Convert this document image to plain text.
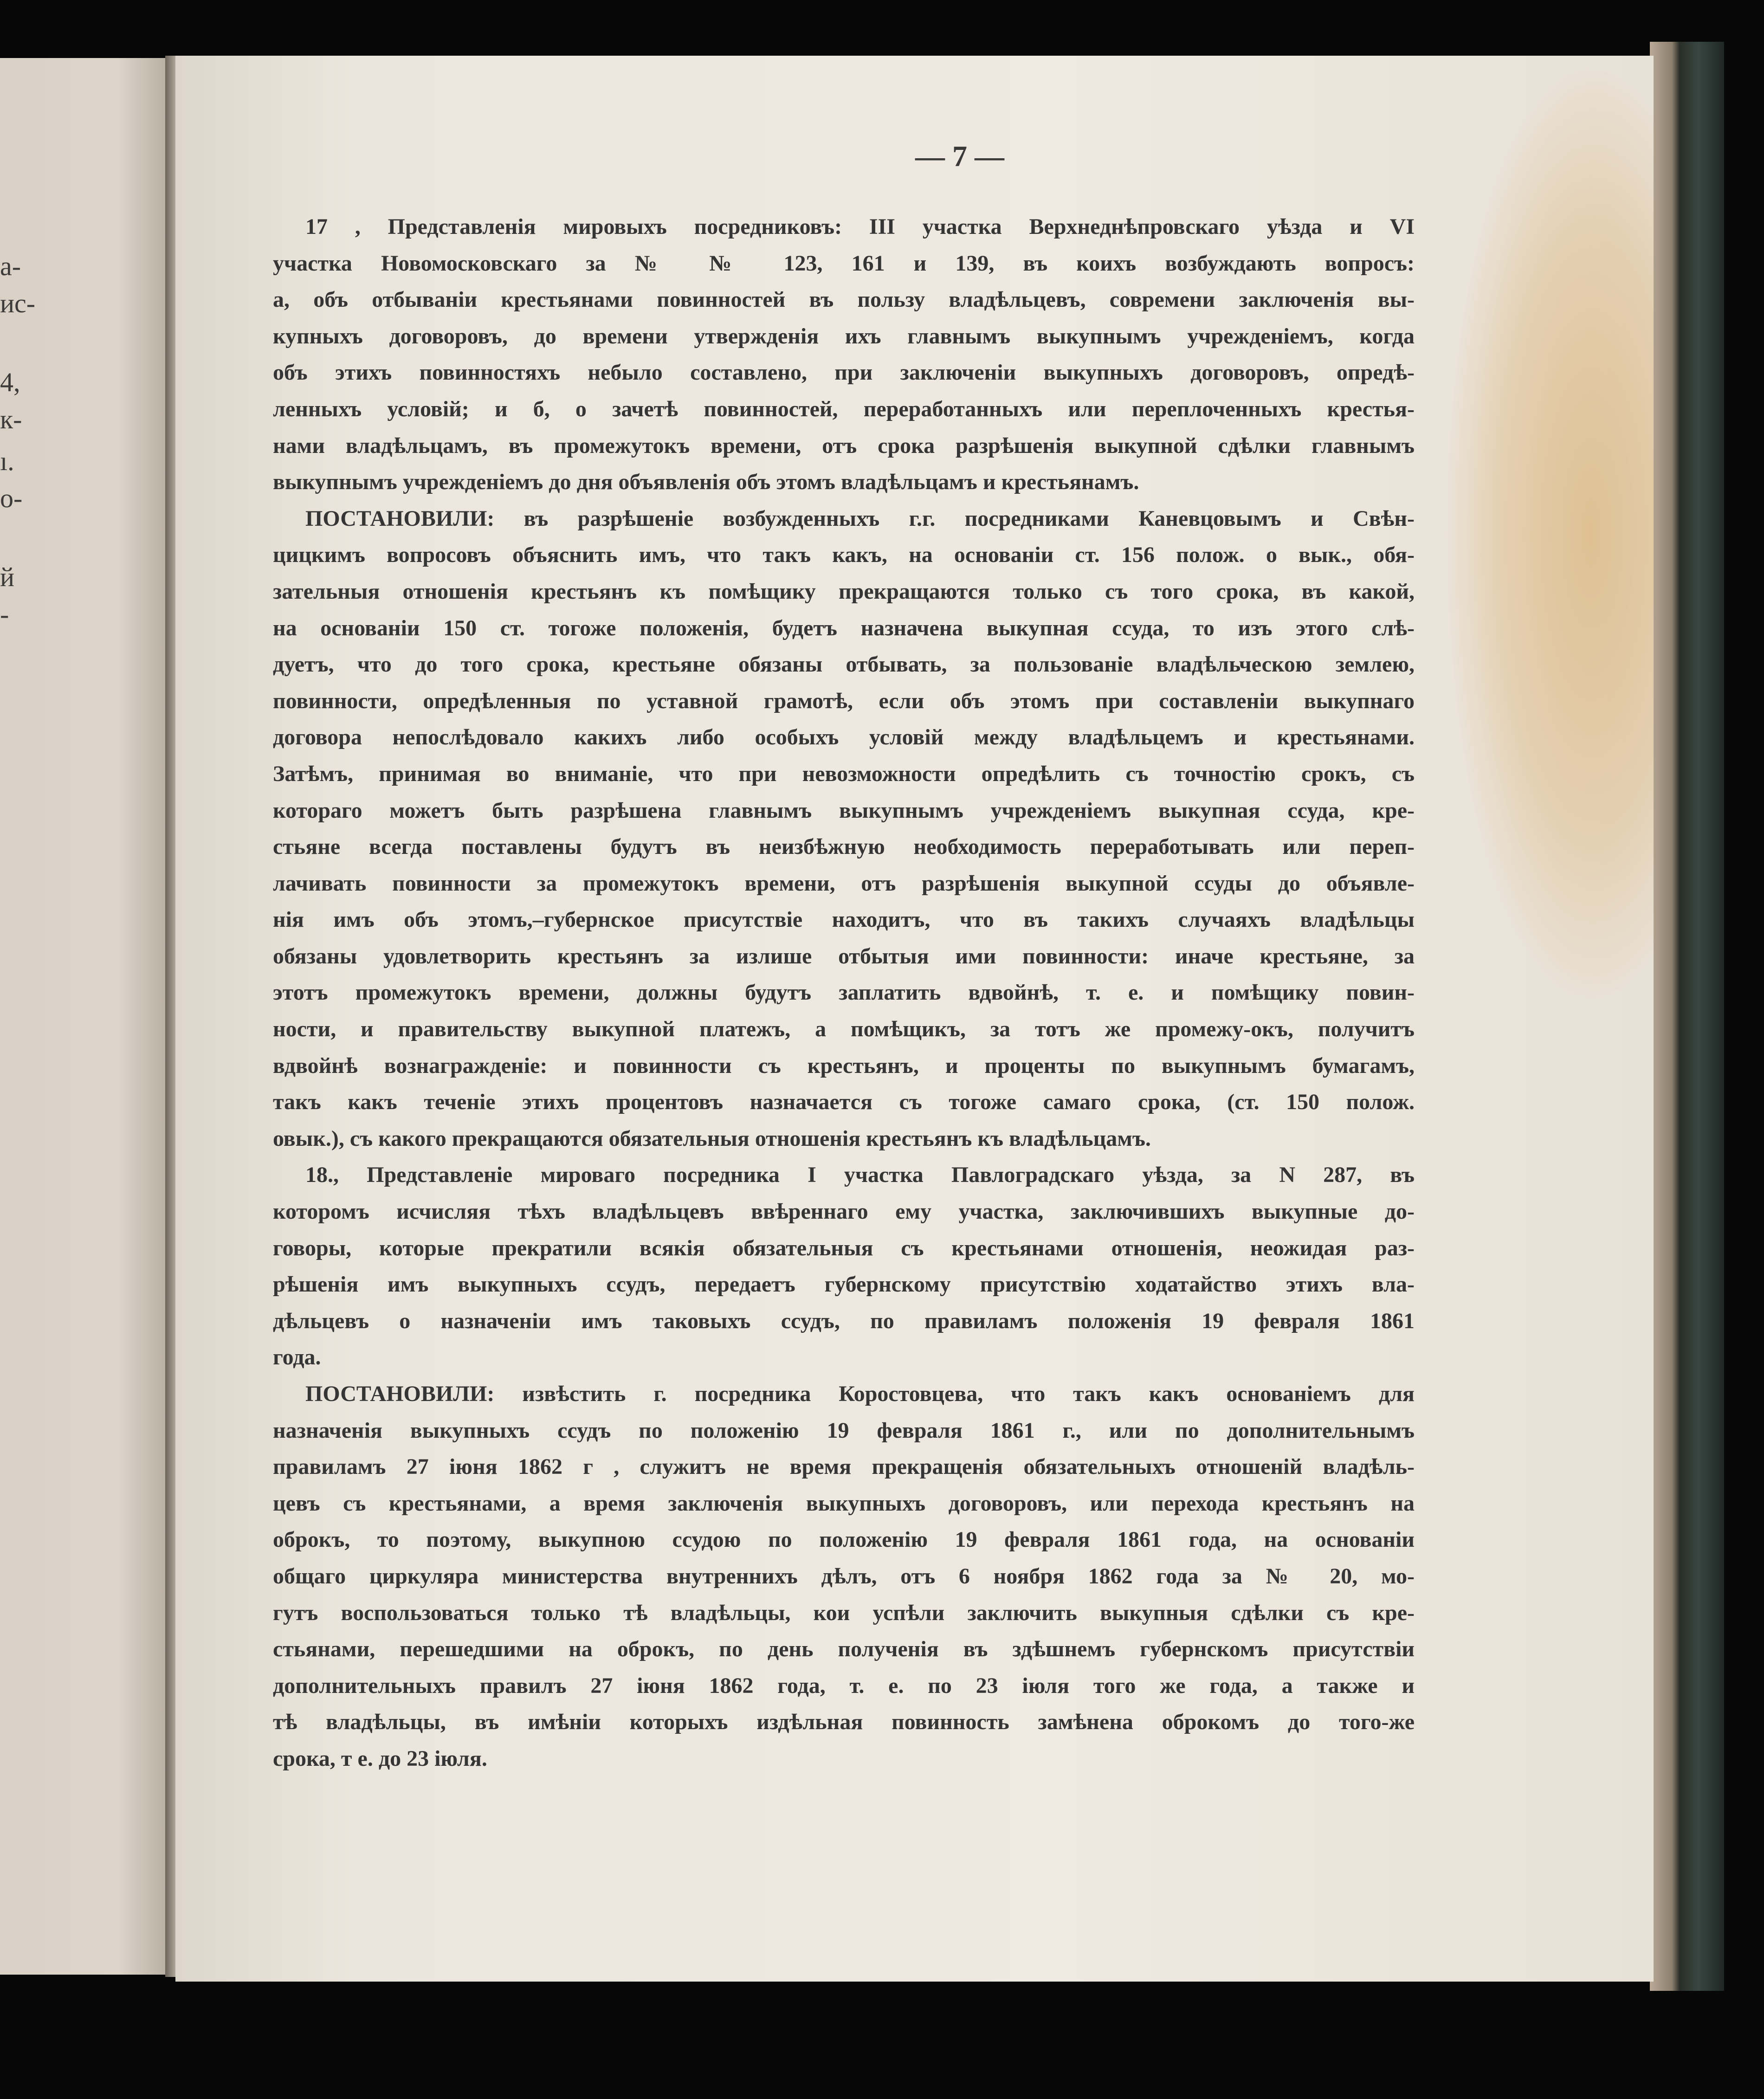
а-
ис-
4,
к-
ı.
о-
й
-
— 7 —
17 , Представленія мировыхъ посредниковъ: III участка Верхнеднѣпровскаго уѣзда и VI
участка Новомосковскаго за № № 123, 161 и 139, въ коихъ возбуждають вопросъ:
а, объ отбываніи крестьянами повинностей въ пользу владѣльцевъ, современи заключенія вы-
купныхъ договоровъ, до времени утвержденія ихъ главнымъ выкупнымъ учрежденіемъ, когда
объ этихъ повинностяхъ небыло составлено, при заключеніи выкупныхъ договоровъ, опредѣ-
ленныхъ условій; и б, о зачетѣ повинностей, переработанныхъ или переплоченныхъ крестья-
нами владѣльцамъ, въ промежутокъ времени, отъ срока разрѣшенія выкупной сдѣлки главнымъ
выкупнымъ учрежденіемъ до дня объявленія объ этомъ владѣльцамъ и крестьянамъ.
ПОСТАНОВИЛИ: въ разрѣшеніе возбужденныхъ г.г. посредниками Каневцовымъ и Свѣн-
цицкимъ вопросовъ объяснить имъ, что такъ какъ, на основаніи ст. 156 полож. о вык., обя-
зательныя отношенія крестьянъ къ помѣщику прекращаются только съ того срока, въ какой,
на основаніи 150 ст. тогоже положенія, будетъ назначена выкупная ссуда, то изъ этого слѣ-
дуетъ, что до того срока, крестьяне обязаны отбывать, за пользованіе владѣльческою землею,
повинности, опредѣленныя по уставной грамотѣ, если объ этомъ при составленіи выкупнаго
договора непослѣдовало какихъ либо особыхъ условій между владѣльцемъ и крестьянами.
Затѣмъ, принимая во вниманіе, что при невозможности опредѣлить съ точностію срокъ, съ
котораго можетъ быть разрѣшена главнымъ выкупнымъ учрежденіемъ выкупная ссуда, кре-
стьяне всегда поставлены будутъ въ неизбѣжную необходимость переработывать или переп-
лачивать повинности за промежутокъ времени, отъ разрѣшенія выкупной ссуды до объявле-
нія имъ объ этомъ,–губернское присутствіе находитъ, что въ такихъ случаяхъ владѣльцы
обязаны удовлетворить крестьянъ за излише отбытыя ими повинности: иначе крестьяне, за
этотъ промежутокъ времени, должны будутъ заплатить вдвойнѣ, т. е. и помѣщику повин-
ности, и правительству выкупной платежъ, а помѣщикъ, за тотъ же промежу-окъ, получитъ
вдвойнѣ вознагражденіе: и повинности съ крестьянъ, и проценты по выкупнымъ бумагамъ,
такъ какъ теченіе этихъ процентовъ назначается съ тогоже самаго срока, (ст. 150 полож.
овык.), съ какого прекращаются обязательныя отношенія крестьянъ къ владѣльцамъ.
18., Представленіе мироваго посредника I участка Павлоградскаго уѣзда, за N 287, въ
которомъ исчисляя тѣхъ владѣльцевъ ввѣреннаго ему участка, заключившихъ выкупные до-
говоры, которые прекратили всякія обязательныя съ крестьянами отношенія, неожидая раз-
рѣшенія имъ выкупныхъ ссудъ, передаетъ губернскому присутствію ходатайство этихъ вла-
дѣльцевъ о назначеніи имъ таковыхъ ссудъ, по правиламъ положенія 19 февраля 1861
года.
ПОСТАНОВИЛИ: извѣстить г. посредника Коростовцева, что такъ какъ основаніемъ для
назначенія выкупныхъ ссудъ по положенію 19 февраля 1861 г., или по дополнительнымъ
правиламъ 27 іюня 1862 г , служитъ не время прекращенія обязательныхъ отношеній владѣль-
цевъ съ крестьянами, а время заключенія выкупныхъ договоровъ, или перехода крестьянъ на
оброкъ, то поэтому, выкупною ссудою по положенію 19 февраля 1861 года, на основаніи
общаго циркуляра министерства внутреннихъ дѣлъ, отъ 6 ноября 1862 года за № 20, мо-
гутъ воспользоваться только тѣ владѣльцы, кои успѣли заключить выкупныя сдѣлки съ кре-
стьянами, перешедшими на оброкъ, по день полученія въ здѣшнемъ губернскомъ присутствіи
дополнительныхъ правилъ 27 іюня 1862 года, т. е. по 23 іюля того же года, а также и
тѣ владѣльцы, въ имѣніи которыхъ издѣльная повинность замѣнена оброкомъ до того-же
срока, т е. до 23 іюля.
